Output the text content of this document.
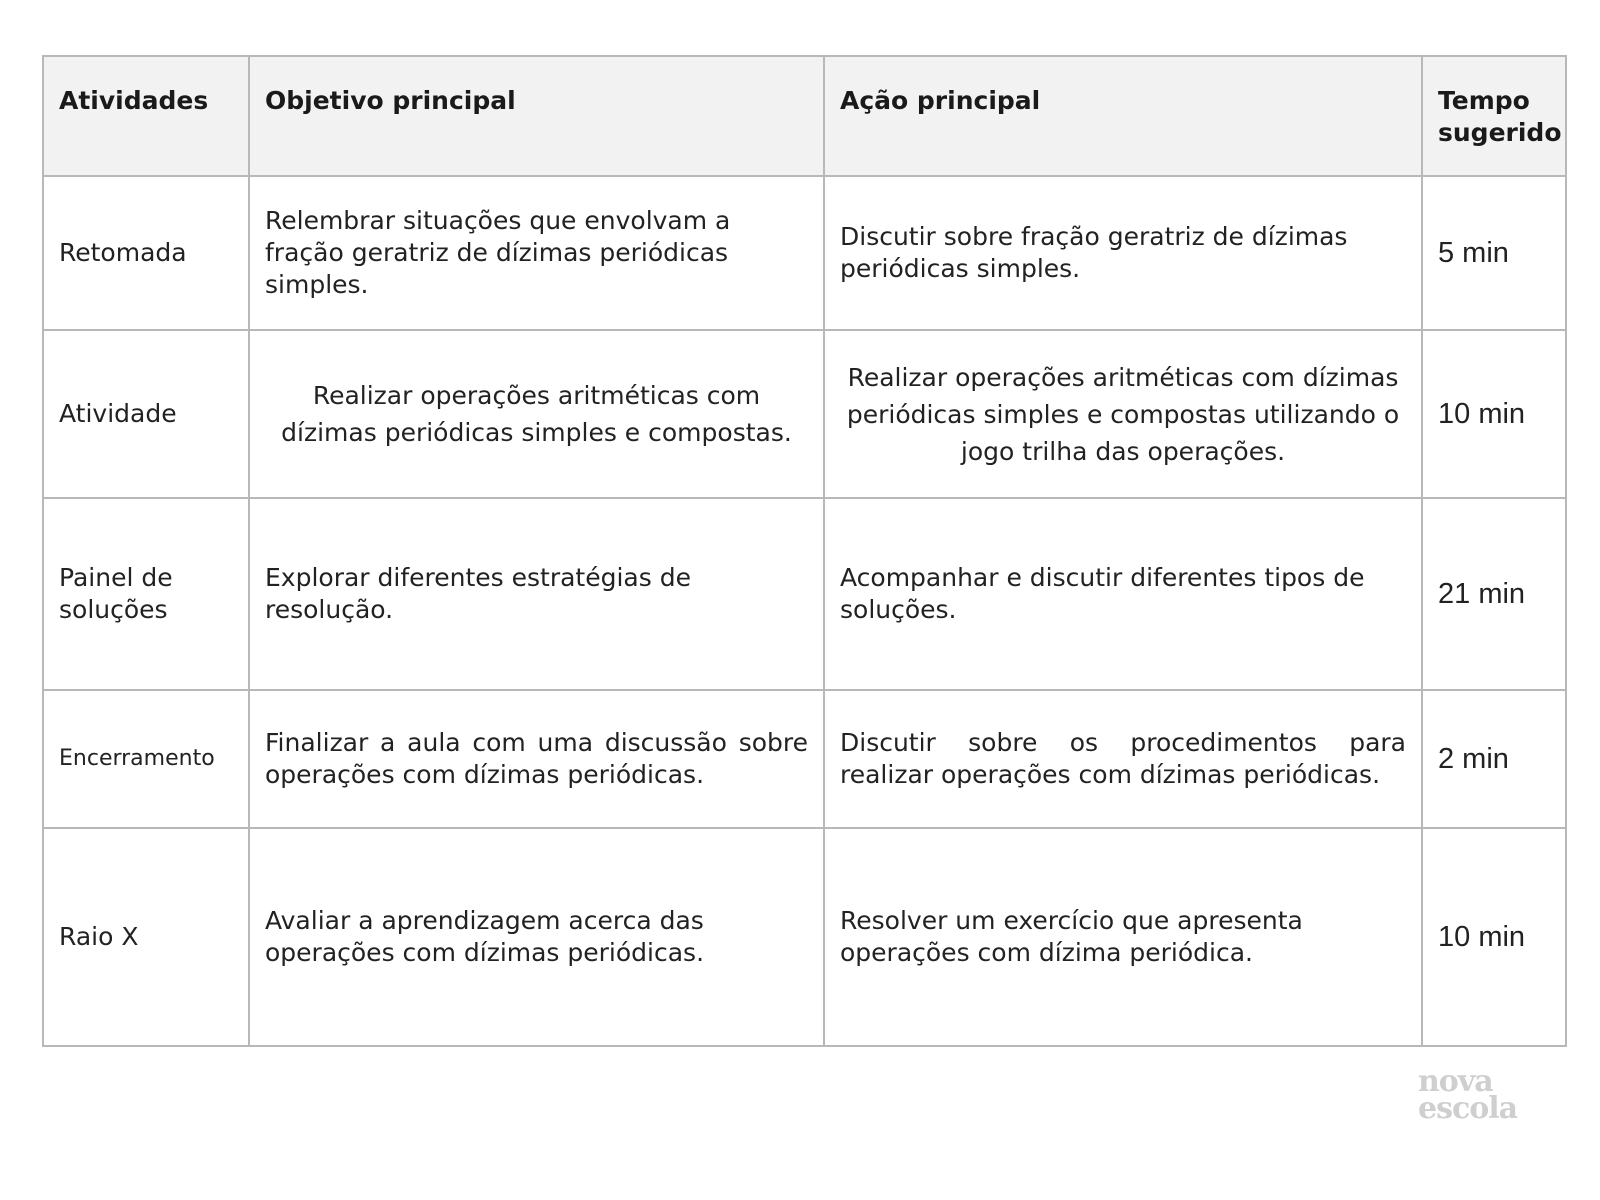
Atividades	Objetivo principal	Ação principal	Tempo sugerido
Retomada	Relembrar situações que envolvam a fração geratriz de dízimas periódicas simples.	Discutir sobre fração geratriz de dízimas periódicas simples.	5 min
Atividade	Realizar operações aritméticas com dízimas periódicas simples e compostas.	Realizar operações aritméticas com dízimas periódicas simples e compostas utilizando o jogo trilha das operações.	10 min
Painel de soluções	Explorar diferentes estratégias de resolução.	Acompanhar e discutir diferentes tipos de soluções.	21 min
Encerramento	Finalizar a aula com uma discussão sobre operações com dízimas periódicas.	Discutir sobre os procedimentos para realizar operações com dízimas periódicas.	2 min
Raio X	Avaliar a aprendizagem acerca das operações com dízimas periódicas.	Resolver um exercício que apresenta operações com dízima periódica.	10 min
nova
escola
